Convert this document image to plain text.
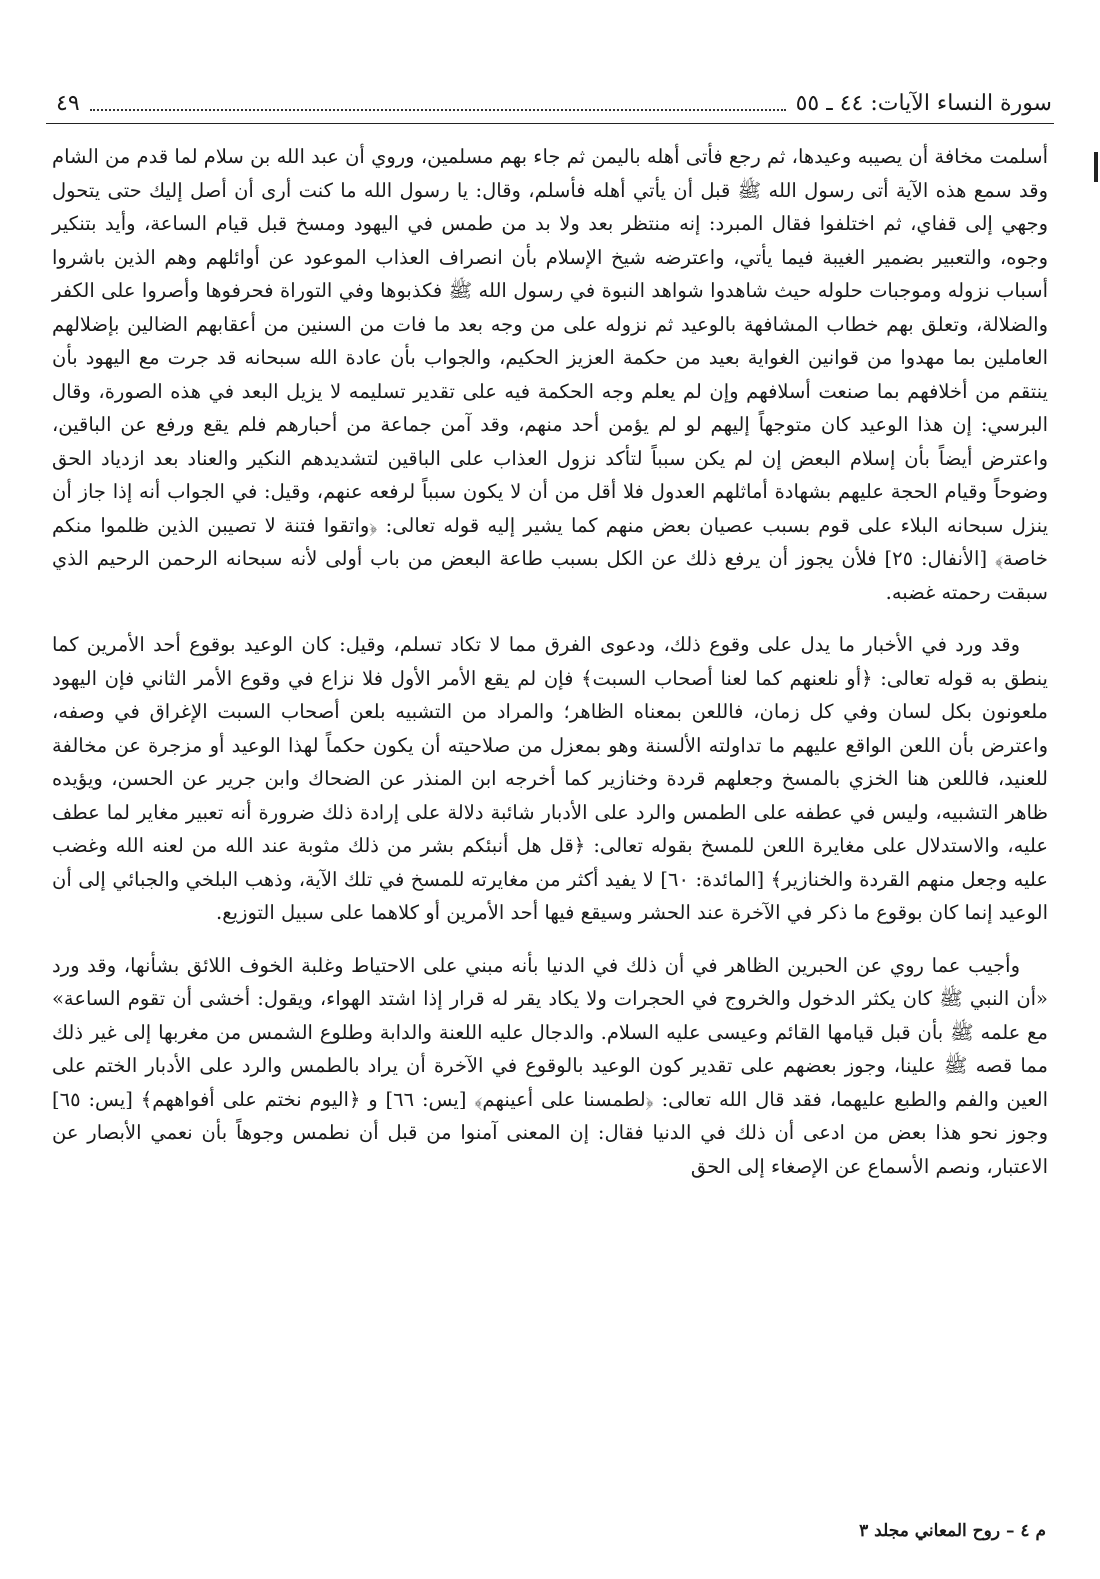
سورة النساء الآيات: ٤٤ ـ ٥٥
٤٩

أسلمت مخافة أن يصيبه وعيدها، ثم رجع فأتى أهله باليمن ثم جاء بهم مسلمين، وروي أن عبد الله بن سلام لما قدم من الشام وقد سمع هذه الآية أتى رسول الله ﷺ قبل أن يأتي أهله فأسلم، وقال: يا رسول الله ما كنت أرى أن أصل إليك حتى يتحول وجهي إلى قفاي، ثم اختلفوا فقال المبرد: إنه منتظر بعد ولا بد من طمس في اليهود ومسخ قبل قيام الساعة، وأيد بتنكير وجوه، والتعبير بضمير الغيبة فيما يأتي، واعترضه شيخ الإسلام بأن انصراف العذاب الموعود عن أوائلهم وهم الذين باشروا أسباب نزوله وموجبات حلوله حيث شاهدوا شواهد النبوة في رسول الله ﷺ فكذبوها وفي التوراة فحرفوها وأصروا على الكفر والضلالة، وتعلق بهم خطاب المشافهة بالوعيد ثم نزوله على من وجه بعد ما فات من السنين من أعقابهم الضالين بإضلالهم العاملين بما مهدوا من قوانين الغواية بعيد من حكمة العزيز الحكيم، والجواب بأن عادة الله سبحانه قد جرت مع اليهود بأن ينتقم من أخلافهم بما صنعت أسلافهم وإن لم يعلم وجه الحكمة فيه على تقدير تسليمه لا يزيل البعد في هذه الصورة، وقال البرسي: إن هذا الوعيد كان متوجهاً إليهم لو لم يؤمن أحد منهم، وقد آمن جماعة من أحبارهم فلم يقع ورفع عن الباقين، واعترض أيضاً بأن إسلام البعض إن لم يكن سبباً لتأكد نزول العذاب على الباقين لتشديدهم النكير والعناد بعد ازدياد الحق وضوحاً وقيام الحجة عليهم بشهادة أماثلهم العدول فلا أقل من أن لا يكون سبباً لرفعه عنهم، وقيل: في الجواب أنه إذا جاز أن ينزل سبحانه البلاء على قوم بسبب عصيان بعض منهم كما يشير إليه قوله تعالى: ﴿واتقوا فتنة لا تصيبن الذين ظلموا منكم خاصة﴾ [الأنفال: ٢٥] فلأن يجوز أن يرفع ذلك عن الكل بسبب طاعة البعض من باب أولى لأنه سبحانه الرحمن الرحيم الذي سبقت رحمته غضبه.

وقد ورد في الأخبار ما يدل على وقوع ذلك، ودعوى الفرق مما لا تكاد تسلم، وقيل: كان الوعيد بوقوع أحد الأمرين كما ينطق به قوله تعالى: ﴿أو نلعنهم كما لعنا أصحاب السبت﴾ فإن لم يقع الأمر الأول فلا نزاع في وقوع الأمر الثاني فإن اليهود ملعونون بكل لسان وفي كل زمان، فاللعن بمعناه الظاهر؛ والمراد من التشبيه بلعن أصحاب السبت الإغراق في وصفه، واعترض بأن اللعن الواقع عليهم ما تداولته الألسنة وهو بمعزل من صلاحيته أن يكون حكماً لهذا الوعيد أو مزجرة عن مخالفة للعنيد، فاللعن هنا الخزي بالمسخ وجعلهم قردة وخنازير كما أخرجه ابن المنذر عن الضحاك وابن جرير عن الحسن، ويؤيده ظاهر التشبيه، وليس في عطفه على الطمس والرد على الأدبار شائبة دلالة على إرادة ذلك ضرورة أنه تعبير مغاير لما عطف عليه، والاستدلال على مغايرة اللعن للمسخ بقوله تعالى: ﴿قل هل أنبئكم بشر من ذلك مثوبة عند الله من لعنه الله وغضب عليه وجعل منهم القردة والخنازير﴾ [المائدة: ٦٠] لا يفيد أكثر من مغايرته للمسخ في تلك الآية، وذهب البلخي والجبائي إلى أن الوعيد إنما كان بوقوع ما ذكر في الآخرة عند الحشر وسيقع فيها أحد الأمرين أو كلاهما على سبيل التوزيع.

وأجيب عما روي عن الحبرين الظاهر في أن ذلك في الدنيا بأنه مبني على الاحتياط وغلبة الخوف اللائق بشأنها، وقد ورد «أن النبي ﷺ كان يكثر الدخول والخروج في الحجرات ولا يكاد يقر له قرار إذا اشتد الهواء، ويقول: أخشى أن تقوم الساعة» مع علمه ﷺ بأن قبل قيامها القائم وعيسى عليه السلام. والدجال عليه اللعنة والدابة وطلوع الشمس من مغربها إلى غير ذلك مما قصه ﷺ علينا، وجوز بعضهم على تقدير كون الوعيد بالوقوع في الآخرة أن يراد بالطمس والرد على الأدبار الختم على العين والفم والطبع عليهما، فقد قال الله تعالى: ﴿لطمسنا على أعينهم﴾ [يس: ٦٦] و ﴿اليوم نختم على أفواههم﴾ [يس: ٦٥] وجوز نحو هذا بعض من ادعى أن ذلك في الدنيا فقال: إن المعنى آمنوا من قبل أن نطمس وجوهاً بأن نعمي الأبصار عن الاعتبار، ونصم الأسماع عن الإصغاء إلى الحق

م ٤ – روح المعاني مجلد ٣
